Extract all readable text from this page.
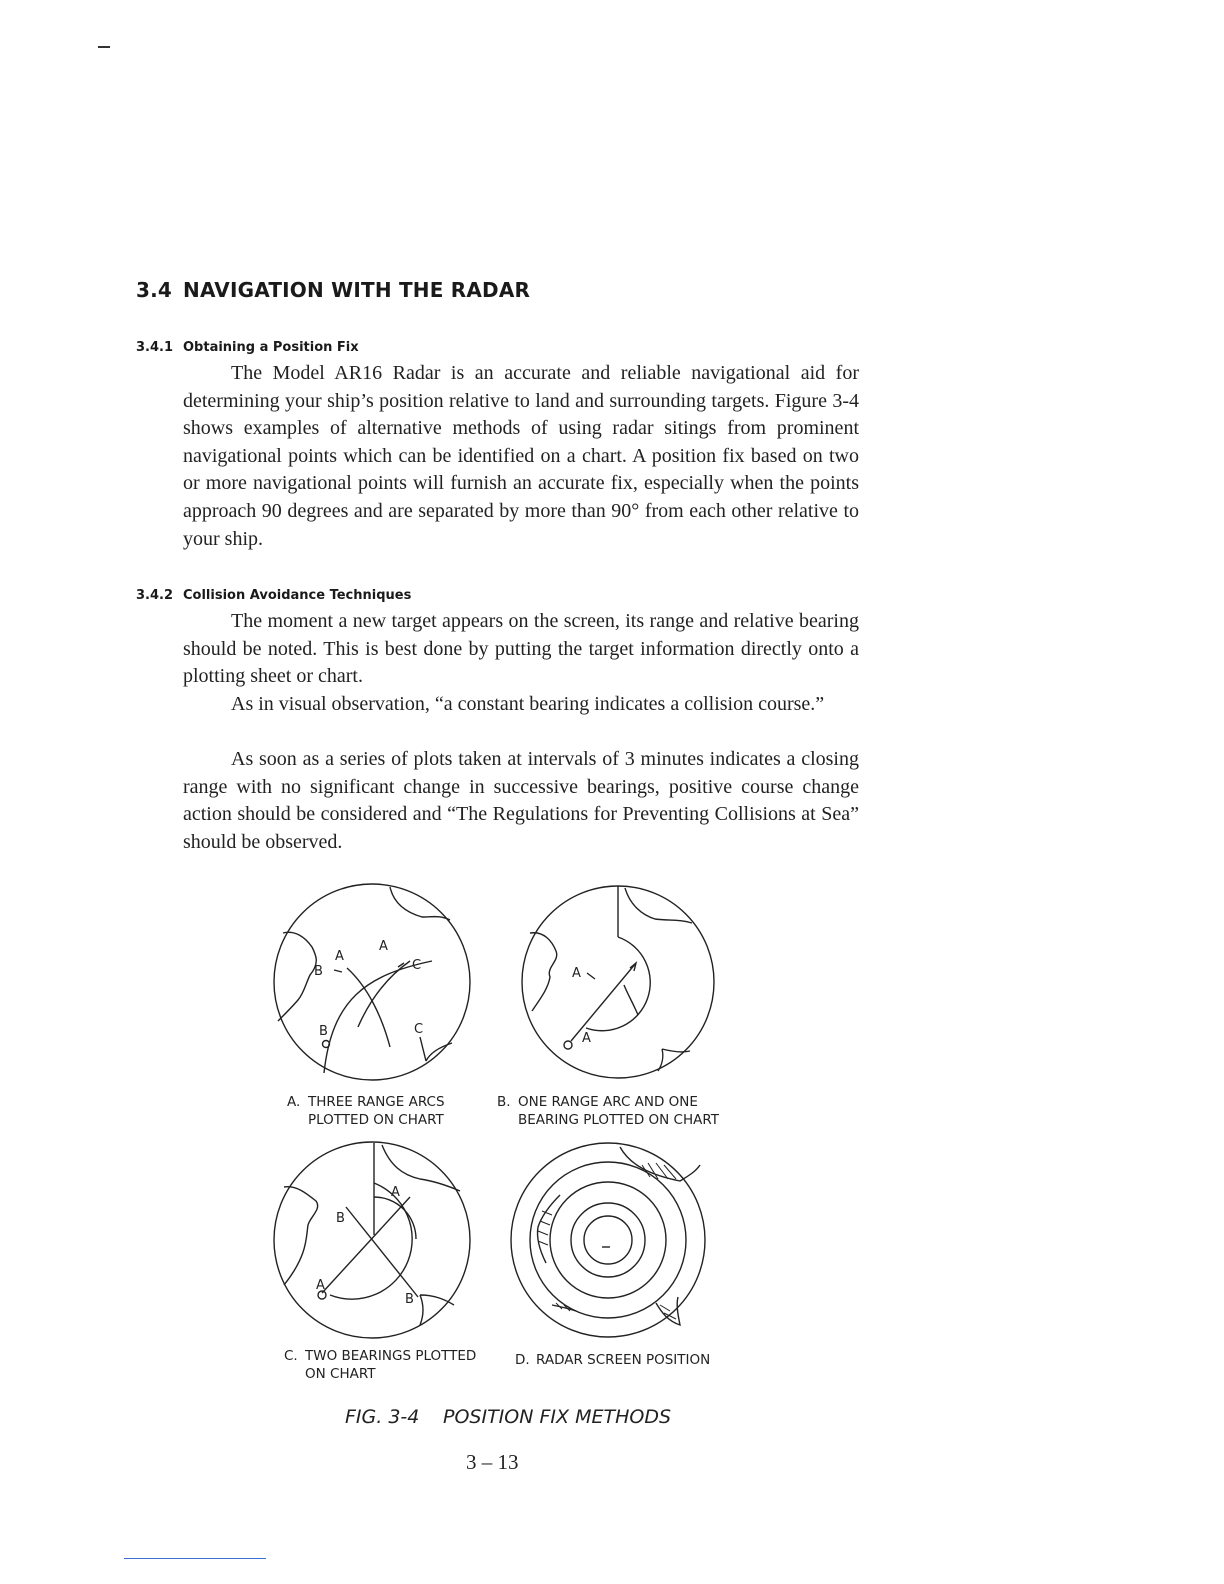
3.4 NAVIGATION WITH THE RADAR
3.4.1 Obtaining a Position Fix

The Model AR16 Radar is an accurate and reliable navigational aid for determining your ship’s position relative to land and surrounding targets. Figure 3-4 shows examples of alternative methods of using radar sitings from prominent navigational points which can be identified on a chart. A position fix based on two or more navigational points will furnish an accurate fix, especially when the points approach 90 degrees and are separated by more than 90° from each other relative to your ship.

3.4.2 Collision Avoidance Techniques

The moment a new target appears on the screen, its range and relative bearing should be noted. This is best done by putting the target information directly onto a plotting sheet or chart.

As in visual observation, “a constant bearing indicates a collision course.”

As soon as a series of plots taken at intervals of 3 minutes indicates a closing range with no significant change in successive bearings, positive course change action should be considered and “The Regulations for Preventing Collisions at Sea” should be observed.

A
A
B	C
B	C
A
A
A
B
A
B
A. THREE RANGE ARCS
PLOTTED ON CHART
B. ONE RANGE ARC AND ONE
BEARING PLOTTED ON CHART
C. TWO BEARINGS PLOTTED
ON CHART
D. RADAR SCREEN POSITION
FIG. 3-4 POSITION FIX METHODS
3 – 13
